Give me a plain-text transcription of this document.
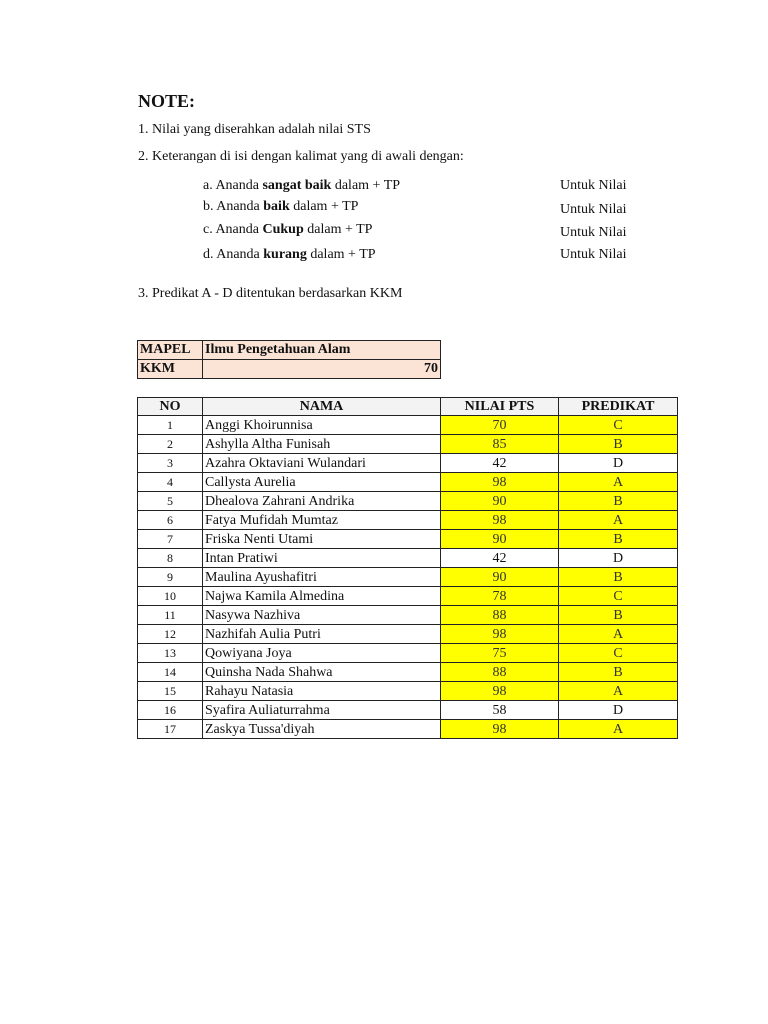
NOTE:
1. Nilai yang diserahkan adalah nilai STS
2. Keterangan di isi dengan kalimat yang di awali dengan:
a. Ananda sangat baik dalam + TP	Untuk Nilai
b. Ananda baik dalam + TP	Untuk Nilai
c. Ananda Cukup dalam + TP	Untuk Nilai
d. Ananda kurang dalam + TP	Untuk Nilai
3. Predikat A - D ditentukan berdasarkan KKM
MAPEL	Ilmu Pengetahuan Alam
KKM	70
NO	NAMA	NILAI PTS	PREDIKAT
1	Anggi Khoirunnisa	70	C
2	Ashylla Altha Funisah	85	B
3	Azahra Oktaviani Wulandari	42	D
4	Callysta Aurelia	98	A
5	Dhealova Zahrani Andrika	90	B
6	Fatya Mufidah Mumtaz	98	A
7	Friska Nenti Utami	90	B
8	Intan Pratiwi	42	D
9	Maulina Ayushafitri	90	B
10	Najwa Kamila Almedina	78	C
11	Nasywa Nazhiva	88	B
12	Nazhifah Aulia Putri	98	A
13	Qowiyana Joya	75	C
14	Quinsha Nada Shahwa	88	B
15	Rahayu Natasia	98	A
16	Syafira Auliaturrahma	58	D
17	Zaskya Tussa'diyah	98	A
